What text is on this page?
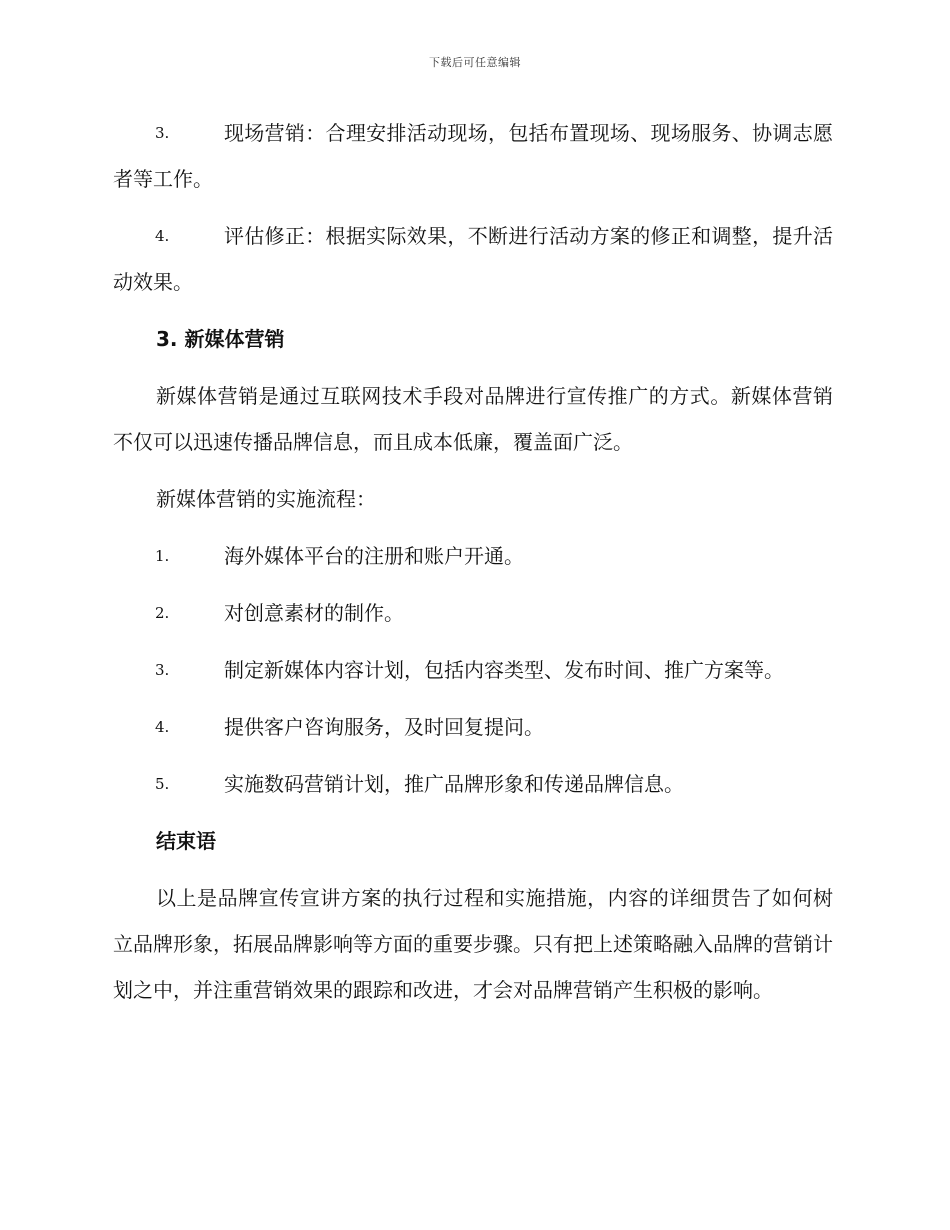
下载后可任意编辑
3.	现场营销：合理安排活动现场，包括布置现场、现场服务、协调志愿者等工作。
4.	评估修正：根据实际效果，不断进行活动方案的修正和调整，提升活动效果。
3. 新媒体营销
新媒体营销是通过互联网技术手段对品牌进行宣传推广的方式。新媒体营销不仅可以迅速传播品牌信息，而且成本低廉，覆盖面广泛。
新媒体营销的实施流程：
1.	海外媒体平台的注册和账户开通。
2.	对创意素材的制作。
3.	制定新媒体内容计划，包括内容类型、发布时间、推广方案等。
4.	提供客户咨询服务，及时回复提问。
5.	实施数码营销计划，推广品牌形象和传递品牌信息。
结束语
以上是品牌宣传宣讲方案的执行过程和实施措施，内容的详细贯告了如何树立品牌形象，拓展品牌影响等方面的重要步骤。只有把上述策略融入品牌的营销计划之中，并注重营销效果的跟踪和改进，才会对品牌营销产生积极的影响。
